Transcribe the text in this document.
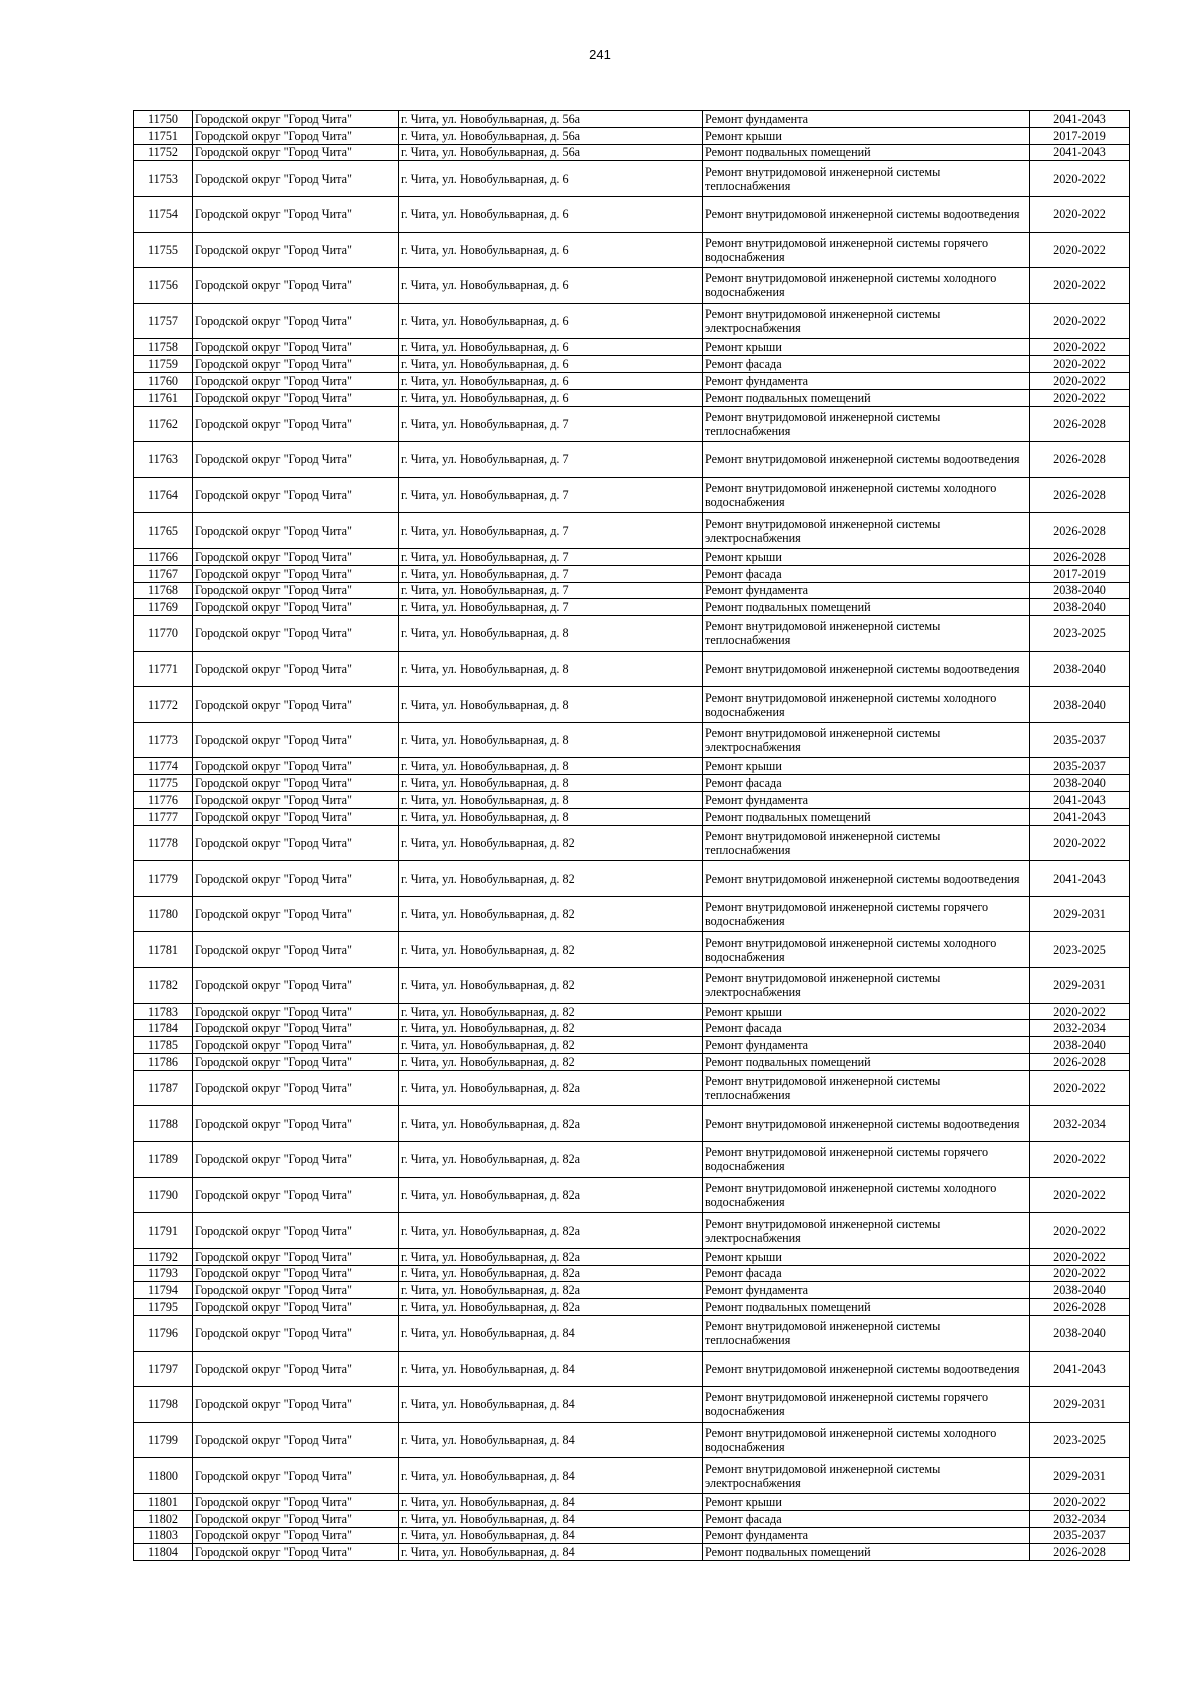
241
11750	Городской округ "Город Чита"	г. Чита, ул. Новобульварная, д. 56а	Ремонт фундамента	2041-2043
11751	Городской округ "Город Чита"	г. Чита, ул. Новобульварная, д. 56а	Ремонт крыши	2017-2019
11752	Городской округ "Город Чита"	г. Чита, ул. Новобульварная, д. 56а	Ремонт подвальных помещений	2041-2043
11753	Городской округ "Город Чита"	г. Чита, ул. Новобульварная, д. 6	Ремонт внутридомовой инженерной системы теплоснабжения	2020-2022
11754	Городской округ "Город Чита"	г. Чита, ул. Новобульварная, д. 6	Ремонт внутридомовой инженерной системы водоотведения	2020-2022
11755	Городской округ "Город Чита"	г. Чита, ул. Новобульварная, д. 6	Ремонт внутридомовой инженерной системы горячего водоснабжения	2020-2022
11756	Городской округ "Город Чита"	г. Чита, ул. Новобульварная, д. 6	Ремонт внутридомовой инженерной системы холодного водоснабжения	2020-2022
11757	Городской округ "Город Чита"	г. Чита, ул. Новобульварная, д. 6	Ремонт внутридомовой инженерной системы электроснабжения	2020-2022
11758	Городской округ "Город Чита"	г. Чита, ул. Новобульварная, д. 6	Ремонт крыши	2020-2022
11759	Городской округ "Город Чита"	г. Чита, ул. Новобульварная, д. 6	Ремонт фасада	2020-2022
11760	Городской округ "Город Чита"	г. Чита, ул. Новобульварная, д. 6	Ремонт фундамента	2020-2022
11761	Городской округ "Город Чита"	г. Чита, ул. Новобульварная, д. 6	Ремонт подвальных помещений	2020-2022
11762	Городской округ "Город Чита"	г. Чита, ул. Новобульварная, д. 7	Ремонт внутридомовой инженерной системы теплоснабжения	2026-2028
11763	Городской округ "Город Чита"	г. Чита, ул. Новобульварная, д. 7	Ремонт внутридомовой инженерной системы водоотведения	2026-2028
11764	Городской округ "Город Чита"	г. Чита, ул. Новобульварная, д. 7	Ремонт внутридомовой инженерной системы холодного водоснабжения	2026-2028
11765	Городской округ "Город Чита"	г. Чита, ул. Новобульварная, д. 7	Ремонт внутридомовой инженерной системы электроснабжения	2026-2028
11766	Городской округ "Город Чита"	г. Чита, ул. Новобульварная, д. 7	Ремонт крыши	2026-2028
11767	Городской округ "Город Чита"	г. Чита, ул. Новобульварная, д. 7	Ремонт фасада	2017-2019
11768	Городской округ "Город Чита"	г. Чита, ул. Новобульварная, д. 7	Ремонт фундамента	2038-2040
11769	Городской округ "Город Чита"	г. Чита, ул. Новобульварная, д. 7	Ремонт подвальных помещений	2038-2040
11770	Городской округ "Город Чита"	г. Чита, ул. Новобульварная, д. 8	Ремонт внутридомовой инженерной системы теплоснабжения	2023-2025
11771	Городской округ "Город Чита"	г. Чита, ул. Новобульварная, д. 8	Ремонт внутридомовой инженерной системы водоотведения	2038-2040
11772	Городской округ "Город Чита"	г. Чита, ул. Новобульварная, д. 8	Ремонт внутридомовой инженерной системы холодного водоснабжения	2038-2040
11773	Городской округ "Город Чита"	г. Чита, ул. Новобульварная, д. 8	Ремонт внутридомовой инженерной системы электроснабжения	2035-2037
11774	Городской округ "Город Чита"	г. Чита, ул. Новобульварная, д. 8	Ремонт крыши	2035-2037
11775	Городской округ "Город Чита"	г. Чита, ул. Новобульварная, д. 8	Ремонт фасада	2038-2040
11776	Городской округ "Город Чита"	г. Чита, ул. Новобульварная, д. 8	Ремонт фундамента	2041-2043
11777	Городской округ "Город Чита"	г. Чита, ул. Новобульварная, д. 8	Ремонт подвальных помещений	2041-2043
11778	Городской округ "Город Чита"	г. Чита, ул. Новобульварная, д. 82	Ремонт внутридомовой инженерной системы теплоснабжения	2020-2022
11779	Городской округ "Город Чита"	г. Чита, ул. Новобульварная, д. 82	Ремонт внутридомовой инженерной системы водоотведения	2041-2043
11780	Городской округ "Город Чита"	г. Чита, ул. Новобульварная, д. 82	Ремонт внутридомовой инженерной системы горячего водоснабжения	2029-2031
11781	Городской округ "Город Чита"	г. Чита, ул. Новобульварная, д. 82	Ремонт внутридомовой инженерной системы холодного водоснабжения	2023-2025
11782	Городской округ "Город Чита"	г. Чита, ул. Новобульварная, д. 82	Ремонт внутридомовой инженерной системы электроснабжения	2029-2031
11783	Городской округ "Город Чита"	г. Чита, ул. Новобульварная, д. 82	Ремонт крыши	2020-2022
11784	Городской округ "Город Чита"	г. Чита, ул. Новобульварная, д. 82	Ремонт фасада	2032-2034
11785	Городской округ "Город Чита"	г. Чита, ул. Новобульварная, д. 82	Ремонт фундамента	2038-2040
11786	Городской округ "Город Чита"	г. Чита, ул. Новобульварная, д. 82	Ремонт подвальных помещений	2026-2028
11787	Городской округ "Город Чита"	г. Чита, ул. Новобульварная, д. 82а	Ремонт внутридомовой инженерной системы теплоснабжения	2020-2022
11788	Городской округ "Город Чита"	г. Чита, ул. Новобульварная, д. 82а	Ремонт внутридомовой инженерной системы водоотведения	2032-2034
11789	Городской округ "Город Чита"	г. Чита, ул. Новобульварная, д. 82а	Ремонт внутридомовой инженерной системы горячего водоснабжения	2020-2022
11790	Городской округ "Город Чита"	г. Чита, ул. Новобульварная, д. 82а	Ремонт внутридомовой инженерной системы холодного водоснабжения	2020-2022
11791	Городской округ "Город Чита"	г. Чита, ул. Новобульварная, д. 82а	Ремонт внутридомовой инженерной системы электроснабжения	2020-2022
11792	Городской округ "Город Чита"	г. Чита, ул. Новобульварная, д. 82а	Ремонт крыши	2020-2022
11793	Городской округ "Город Чита"	г. Чита, ул. Новобульварная, д. 82а	Ремонт фасада	2020-2022
11794	Городской округ "Город Чита"	г. Чита, ул. Новобульварная, д. 82а	Ремонт фундамента	2038-2040
11795	Городской округ "Город Чита"	г. Чита, ул. Новобульварная, д. 82а	Ремонт подвальных помещений	2026-2028
11796	Городской округ "Город Чита"	г. Чита, ул. Новобульварная, д. 84	Ремонт внутридомовой инженерной системы теплоснабжения	2038-2040
11797	Городской округ "Город Чита"	г. Чита, ул. Новобульварная, д. 84	Ремонт внутридомовой инженерной системы водоотведения	2041-2043
11798	Городской округ "Город Чита"	г. Чита, ул. Новобульварная, д. 84	Ремонт внутридомовой инженерной системы горячего водоснабжения	2029-2031
11799	Городской округ "Город Чита"	г. Чита, ул. Новобульварная, д. 84	Ремонт внутридомовой инженерной системы холодного водоснабжения	2023-2025
11800	Городской округ "Город Чита"	г. Чита, ул. Новобульварная, д. 84	Ремонт внутридомовой инженерной системы электроснабжения	2029-2031
11801	Городской округ "Город Чита"	г. Чита, ул. Новобульварная, д. 84	Ремонт крыши	2020-2022
11802	Городской округ "Город Чита"	г. Чита, ул. Новобульварная, д. 84	Ремонт фасада	2032-2034
11803	Городской округ "Город Чита"	г. Чита, ул. Новобульварная, д. 84	Ремонт фундамента	2035-2037
11804	Городской округ "Город Чита"	г. Чита, ул. Новобульварная, д. 84	Ремонт подвальных помещений	2026-2028
